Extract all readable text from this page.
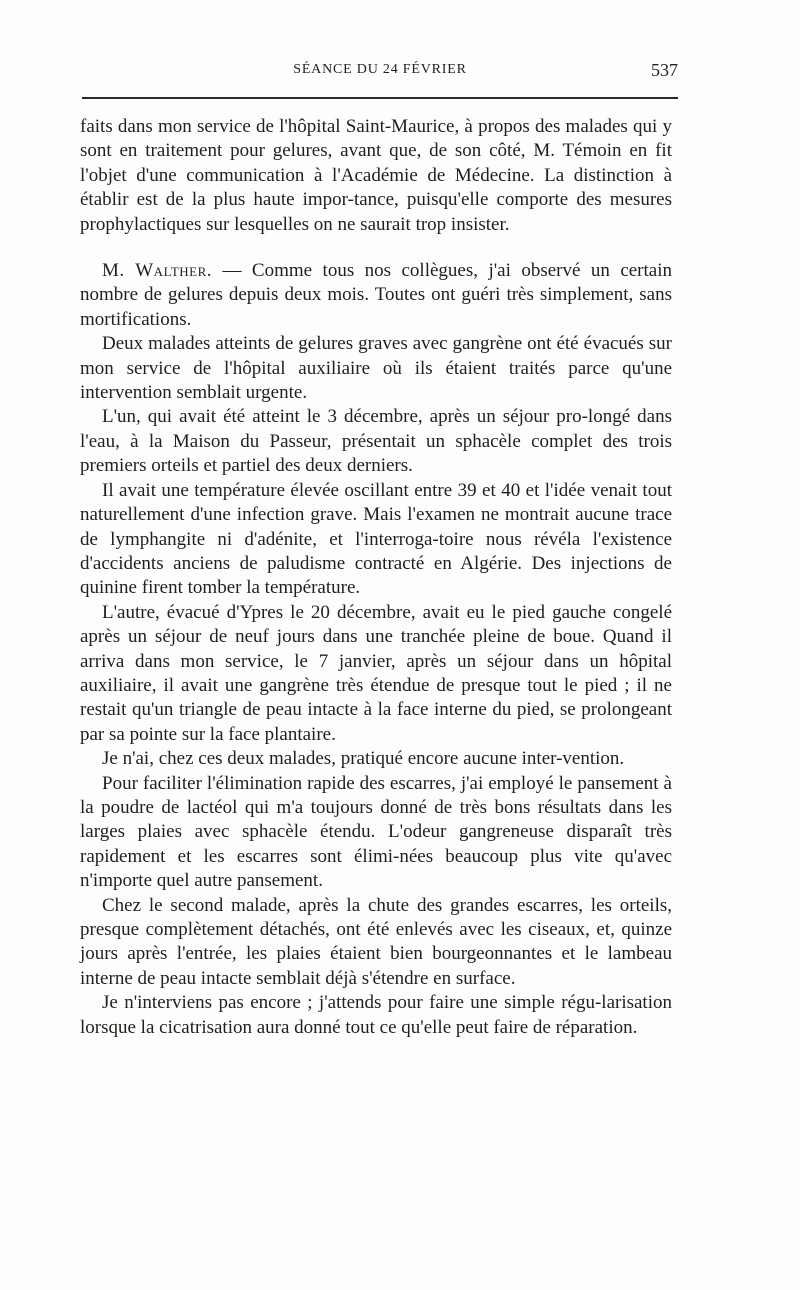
SÉANCE DU 24 FÉVRIER	537

faits dans mon service de l'hôpital Saint-Maurice, à propos des malades qui y sont en traitement pour gelures, avant que, de son côté, M. Témoin en fit l'objet d'une communication à l'Académie de Médecine. La distinction à établir est de la plus haute impor-tance, puisqu'elle comporte des mesures prophylactiques sur lesquelles on ne saurait trop insister.

M. Walther. — Comme tous nos collègues, j'ai observé un certain nombre de gelures depuis deux mois. Toutes ont guéri très simplement, sans mortifications.

Deux malades atteints de gelures graves avec gangrène ont été évacués sur mon service de l'hôpital auxiliaire où ils étaient traités parce qu'une intervention semblait urgente.

L'un, qui avait été atteint le 3 décembre, après un séjour pro-longé dans l'eau, à la Maison du Passeur, présentait un sphacèle complet des trois premiers orteils et partiel des deux derniers.

Il avait une température élevée oscillant entre 39 et 40 et l'idée venait tout naturellement d'une infection grave. Mais l'examen ne montrait aucune trace de lymphangite ni d'adénite, et l'interroga-toire nous révéla l'existence d'accidents anciens de paludisme contracté en Algérie. Des injections de quinine firent tomber la température.

L'autre, évacué d'Ypres le 20 décembre, avait eu le pied gauche congelé après un séjour de neuf jours dans une tranchée pleine de boue. Quand il arriva dans mon service, le 7 janvier, après un séjour dans un hôpital auxiliaire, il avait une gangrène très étendue de presque tout le pied ; il ne restait qu'un triangle de peau intacte à la face interne du pied, se prolongeant par sa pointe sur la face plantaire.

Je n'ai, chez ces deux malades, pratiqué encore aucune inter-vention.

Pour faciliter l'élimination rapide des escarres, j'ai employé le pansement à la poudre de lactéol qui m'a toujours donné de très bons résultats dans les larges plaies avec sphacèle étendu. L'odeur gangreneuse disparaît très rapidement et les escarres sont élimi-nées beaucoup plus vite qu'avec n'importe quel autre pansement.

Chez le second malade, après la chute des grandes escarres, les orteils, presque complètement détachés, ont été enlevés avec les ciseaux, et, quinze jours après l'entrée, les plaies étaient bien bourgeonnantes et le lambeau interne de peau intacte semblait déjà s'étendre en surface.

Je n'interviens pas encore ; j'attends pour faire une simple régu-larisation lorsque la cicatrisation aura donné tout ce qu'elle peut faire de réparation.
